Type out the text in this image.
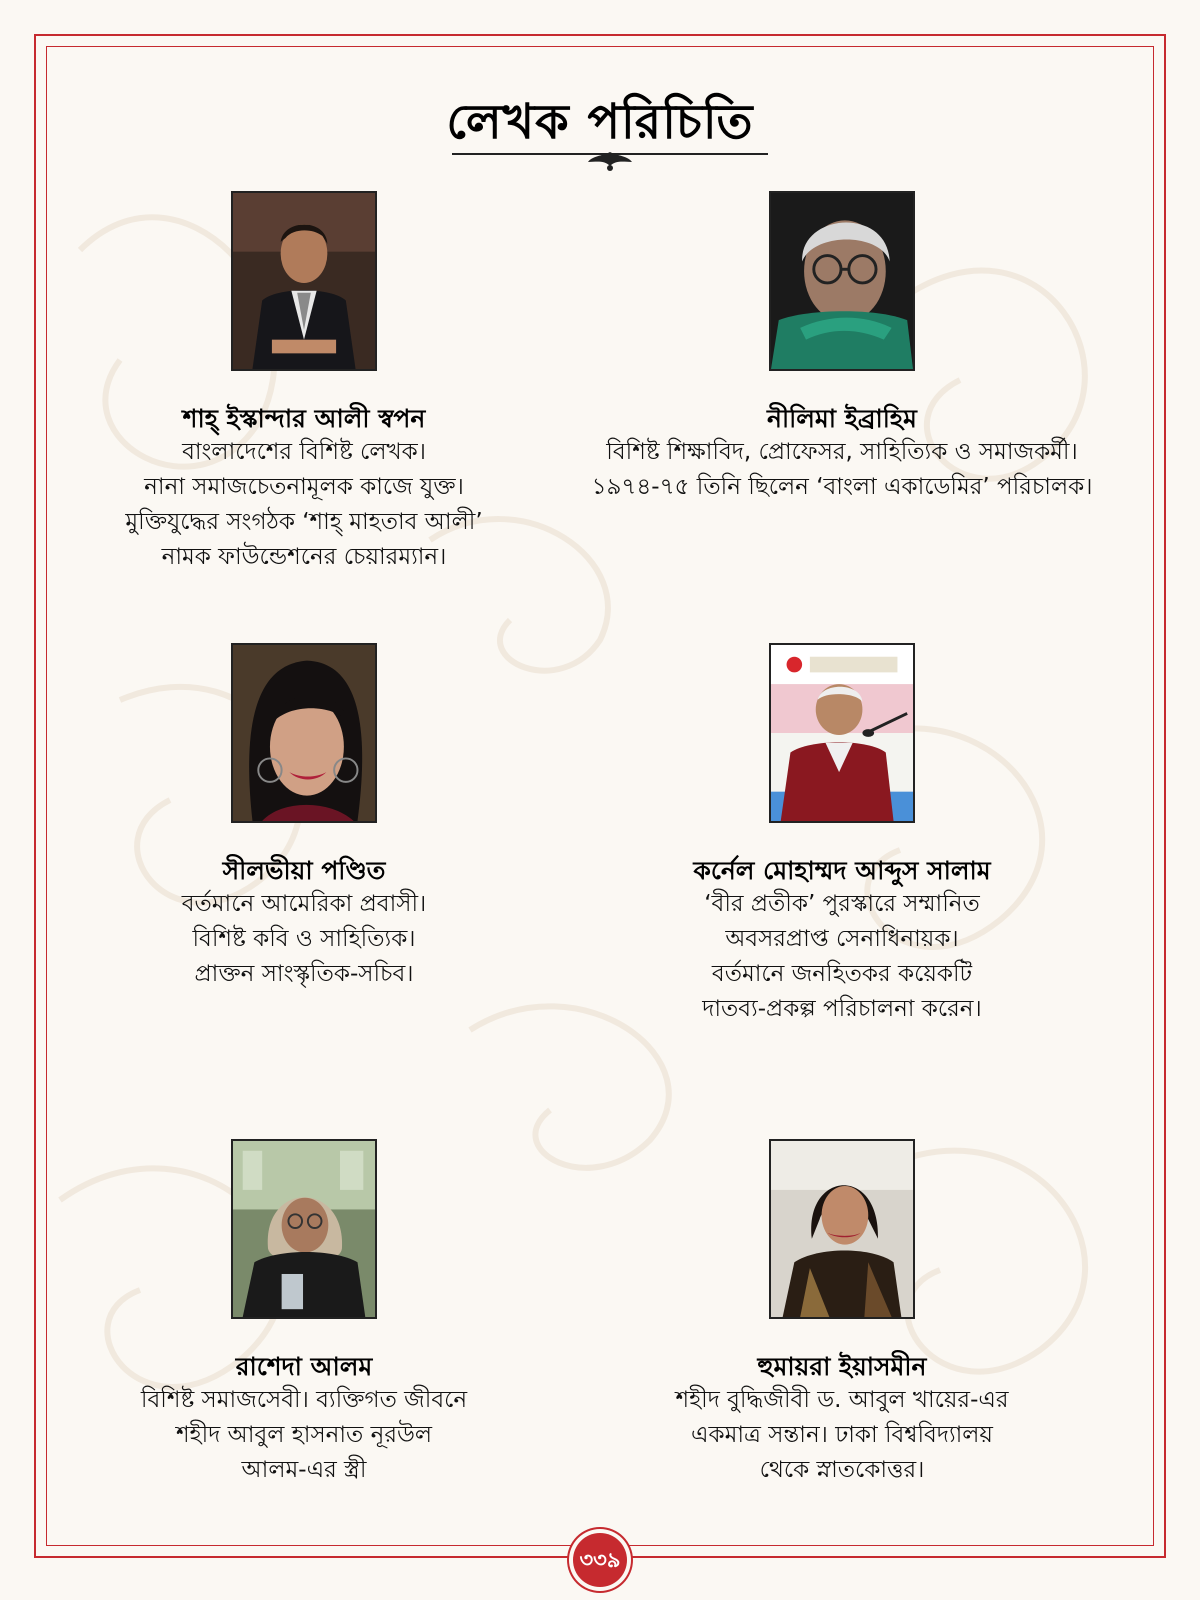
লেখক পরিচিতি
শাহ্‌ ইস্কান্দার আলী স্বপন
বাংলাদেশের বিশিষ্ট লেখক।
নানা সমাজচেতনামূলক কাজে যুক্ত।
মুক্তিযুদ্ধের সংগঠক ‘শাহ্‌ মাহতাব আলী’
নামক ফাউন্ডেশনের চেয়ারম্যান।
নীলিমা ইব্রাহিম
বিশিষ্ট শিক্ষাবিদ, প্রোফেসর, সাহিত্যিক ও সমাজকর্মী।
১৯৭৪-৭৫ তিনি ছিলেন ‘বাংলা একাডেমির’ পরিচালক।
সীলভীয়া পণ্ডিত
বর্তমানে আমেরিকা প্রবাসী।
বিশিষ্ট কবি ও সাহিত্যিক।
প্রাক্তন সাংস্কৃতিক-সচিব।
কর্নেল মোহাম্মদ আব্দুস সালাম
‘বীর প্রতীক’ পুরস্কারে সম্মানিত
অবসরপ্রাপ্ত সেনাধিনায়ক।
বর্তমানে জনহিতকর কয়েকটি
দাতব্য-প্রকল্প পরিচালনা করেন।
রাশেদা আলম
বিশিষ্ট সমাজসেবী। ব্যক্তিগত জীবনে
শহীদ আবুল হাসনাত নূরউল
আলম-এর স্ত্রী
হুমায়রা ইয়াসমীন
শহীদ বুদ্ধিজীবী ড. আবুল খায়ের-এর
একমাত্র সন্তান। ঢাকা বিশ্ববিদ্যালয়
থেকে স্নাতকোত্তর।
৩৩৯
